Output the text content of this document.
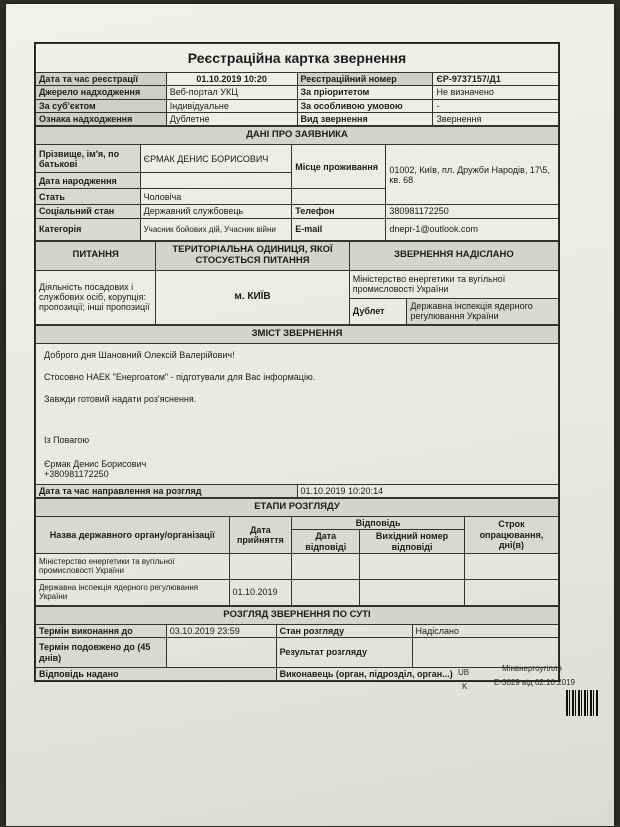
Реєстраційна картка звернення			
Дата та час реєстрації	01.10.2019 10:20	Реєстраційний номер	ЄР-9737157/Д1
Джерело надходження	Веб-портал УКЦ	За пріоритетом	Не визначено
За суб'єктом	Індивідуальне	За особливою умовою	-
Ознака надходження	Дублетне	Вид звернення	Звернення
ДАНІ ПРО ЗАЯВНИКА			
Прізвище, ім'я, по батькові	ЄРМАК ДЕНИС БОРИСОВИЧ	Місце проживання	01002, Київ, пл. Дружби Народів, 17\5, кв. 68
Дата народження			
Стать	Чоловіча		
Соціальний стан	Державний службовець	Телефон	380981172250
Категорія	Учасник бойових дій, Учасник війни	E-mail	dnepr-1@outlook.com
ПИТАННЯ	ТЕРИТОРІАЛЬНА ОДИНИЦЯ, ЯКОЇ СТОСУЄТЬСЯ ПИТАННЯ	ЗВЕРНЕННЯ НАДІСЛАНО	
Діяльність посадових і службових осіб, корупція: пропозиції; інші пропозиції	м. КИЇВ	Міністерство енергетики та вугільної промисловості України	
		Дублет	Державна інспекція ядерного регулювання України
ЗМІСТ ЗВЕРНЕННЯ

Доброго дня Шановний Олексій Валерійович!

Стосовно НАЕК "Енергоатом" - підготували для Вас інформацію.

Завжди готовий надати роз'яснення.

Із Повагою

Єрмак Денис Борисович
+380981172250

Дата та час направлення на розгляд	01.10.2019 10:20:14
ЕТАПИ РОЗГЛЯДУ				
Назва державного органу/організації	Дата прийняття	Відповідь		Строк опрацювання, дні(в)
		Дата відповіді	Вихідний номер відповіді	
Міністерство енергетики та вугільної промисловості України				
Державна інспекція ядерного регулювання України	01.10.2019			
РОЗГЛЯД ЗВЕРНЕННЯ ПО СУТІ			
Термін виконання до	03.10.2019 23:59	Стан розгляду	Надіслано
Термін подовжено до (45 днів)		Результат розгляду	
Відповідь надано		Виконавець (орган, підрозділ, орган...)	UB
K
Мінвнергоугілля
Е-3029 від 02.10.2019
